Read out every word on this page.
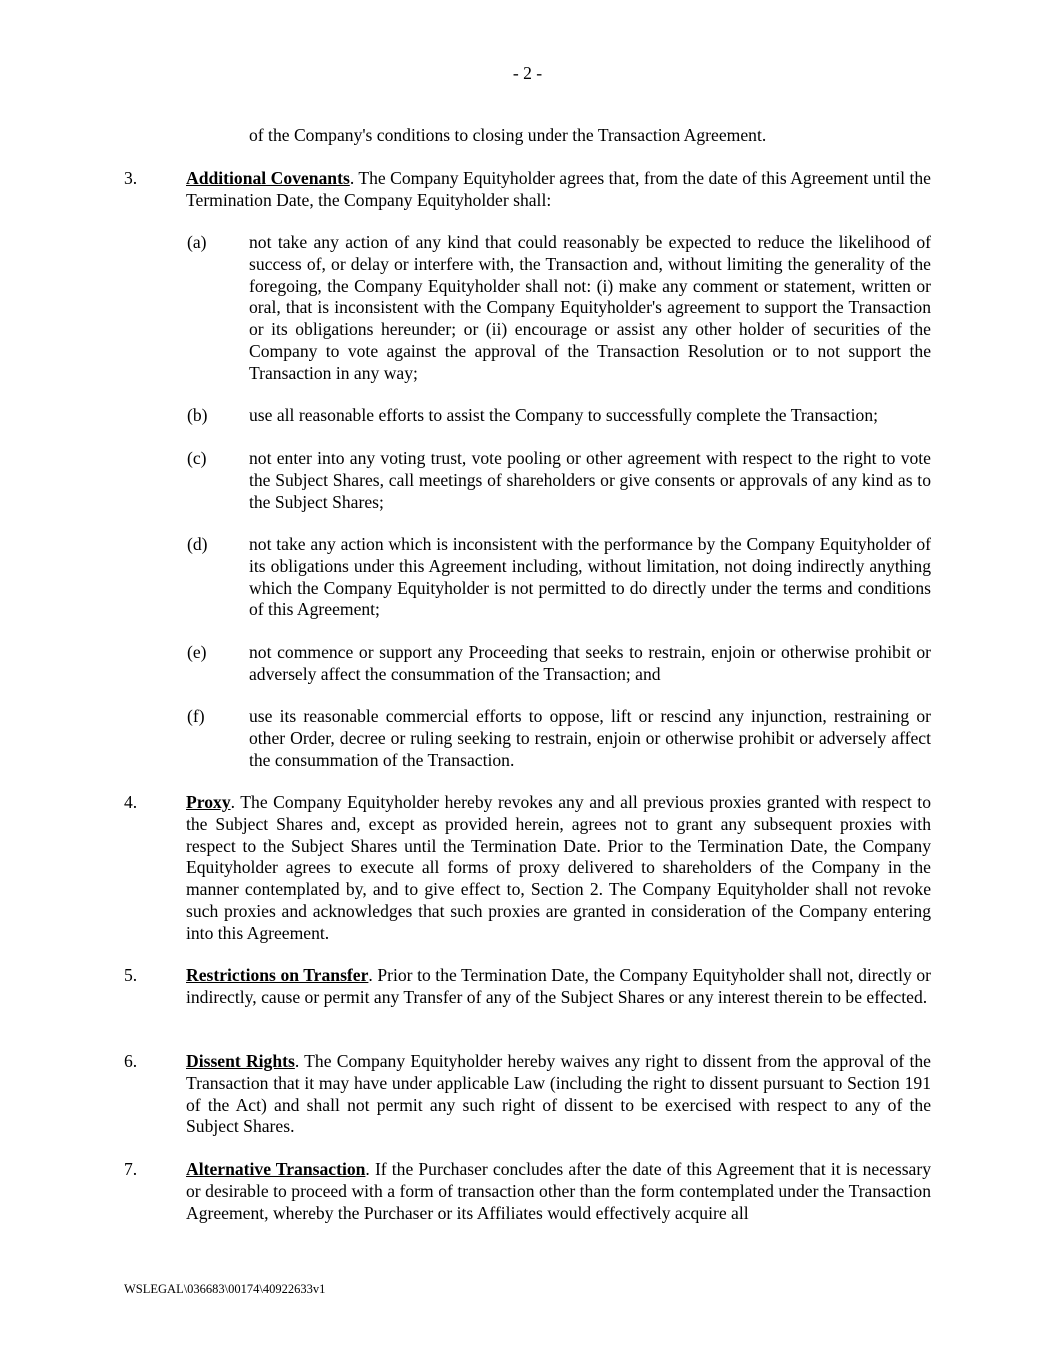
- 2 -
of the Company's conditions to closing under the Transaction Agreement.
3.	Additional Covenants. The Company Equityholder agrees that, from the date of this Agreement until the Termination Date, the Company Equityholder shall:
(a) not take any action of any kind that could reasonably be expected to reduce the likelihood of success of, or delay or interfere with, the Transaction and, without limiting the generality of the foregoing, the Company Equityholder shall not: (i) make any comment or statement, written or oral, that is inconsistent with the Company Equityholder's agreement to support the Transaction or its obligations hereunder; or (ii) encourage or assist any other holder of securities of the Company to vote against the approval of the Transaction Resolution or to not support the Transaction in any way;
(b) use all reasonable efforts to assist the Company to successfully complete the Transaction;
(c) not enter into any voting trust, vote pooling or other agreement with respect to the right to vote the Subject Shares, call meetings of shareholders or give consents or approvals of any kind as to the Subject Shares;
(d) not take any action which is inconsistent with the performance by the Company Equityholder of its obligations under this Agreement including, without limitation, not doing indirectly anything which the Company Equityholder is not permitted to do directly under the terms and conditions of this Agreement;
(e) not commence or support any Proceeding that seeks to restrain, enjoin or otherwise prohibit or adversely affect the consummation of the Transaction; and
(f)	use its reasonable commercial efforts to oppose, lift or rescind any injunction, restraining or other Order, decree or ruling seeking to restrain, enjoin or otherwise prohibit or adversely affect the consummation of the Transaction.
4.	Proxy. The Company Equityholder hereby revokes any and all previous proxies granted with respect to the Subject Shares and, except as provided herein, agrees not to grant any subsequent proxies with respect to the Subject Shares until the Termination Date. Prior to the Termination Date, the Company Equityholder agrees to execute all forms of proxy delivered to shareholders of the Company in the manner contemplated by, and to give effect to, Section 2. The Company Equityholder shall not revoke such proxies and acknowledges that such proxies are granted in consideration of the Company entering into this Agreement.
5.	Restrictions on Transfer. Prior to the Termination Date, the Company Equityholder shall not, directly or indirectly, cause or permit any Transfer of any of the Subject Shares or any interest therein to be effected.
6.	Dissent Rights. The Company Equityholder hereby waives any right to dissent from the approval of the Transaction that it may have under applicable Law (including the right to dissent pursuant to Section 191 of the Act) and shall not permit any such right of dissent to be exercised with respect to any of the Subject Shares.
7.	Alternative Transaction. If the Purchaser concludes after the date of this Agreement that it is necessary or desirable to proceed with a form of transaction other than the form contemplated under the Transaction Agreement, whereby the Purchaser or its Affiliates would effectively acquire all
WSLEGAL\036683\00174\40922633v1
